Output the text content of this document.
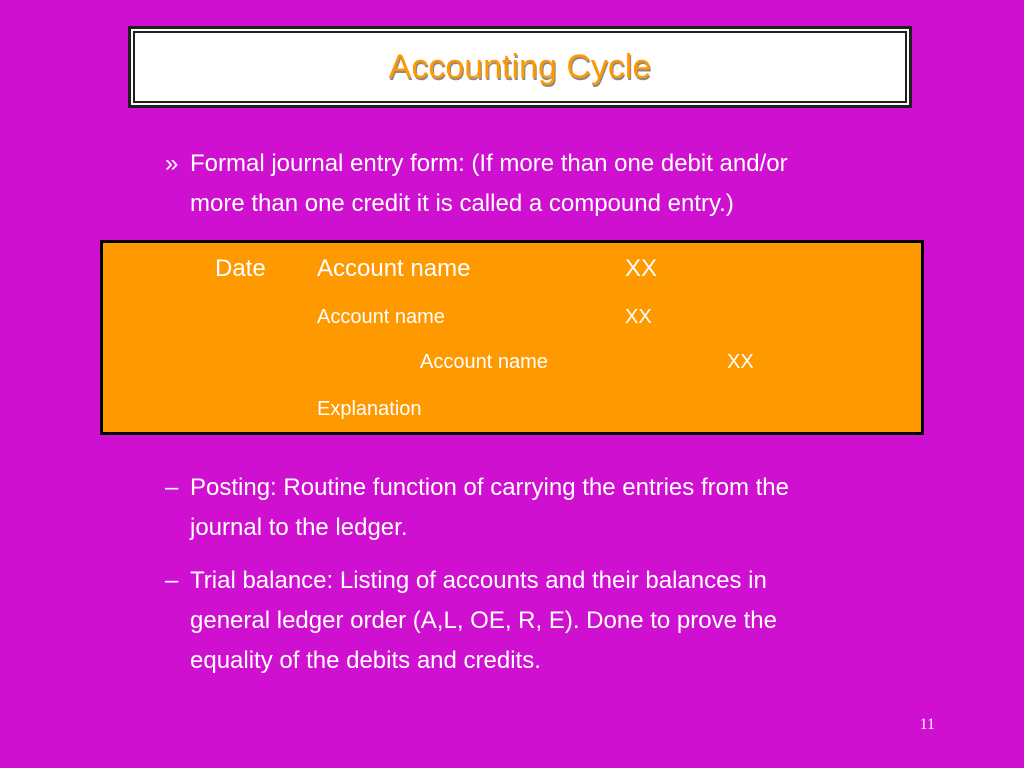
Accounting Cycle
» Formal journal entry form: (If more than one debit and/or
more than one credit it is called a compound entry.)
Date Account name	XX
Account name	XX
Account name	XX
Explanation
– Posting: Routine function of carrying the entries from the
journal to the ledger.
– Trial balance: Listing of accounts and their balances in
general ledger order (A,L, OE, R, E). Done to prove the
equality of the debits and credits.
11
